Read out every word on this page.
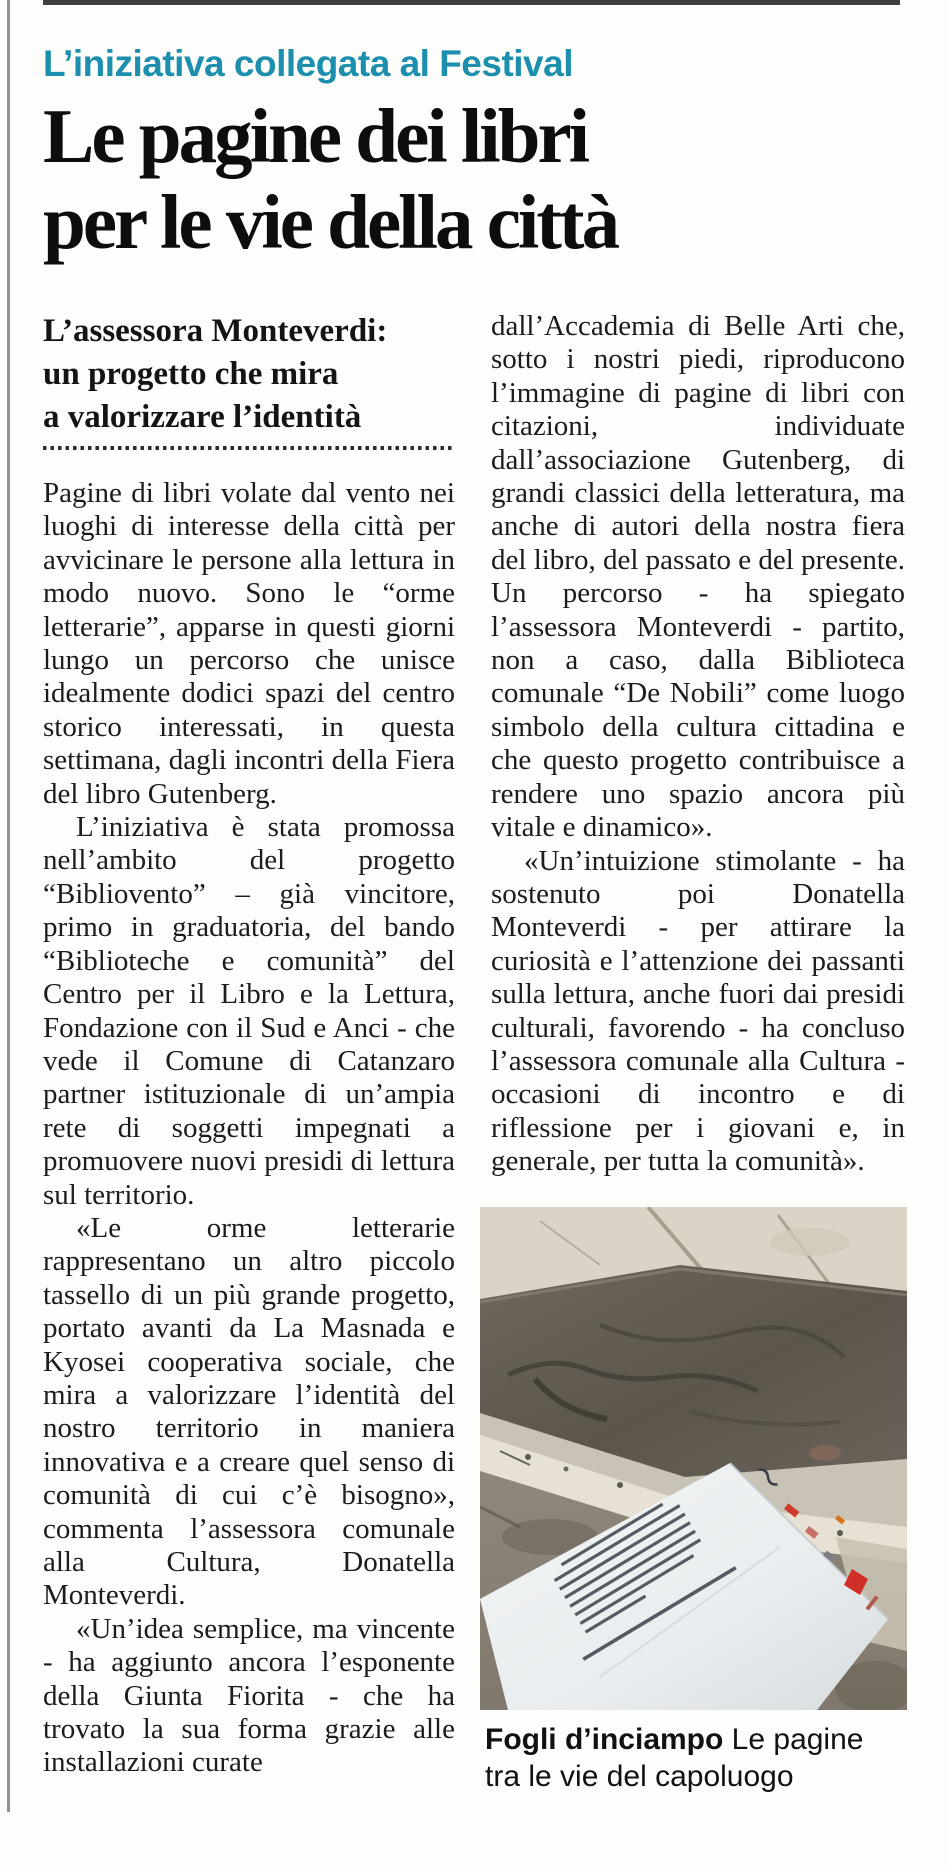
L’iniziativa collegata al Festival
Le pagine dei libri
per le vie della città
L’assessora Monteverdi:
un progetto che mira
a valorizzare l’identità

Pagine di libri volate dal vento nei luoghi di interesse della città per avvicinare le persone alla lettura in modo nuovo. Sono le “orme letterarie”, apparse in questi giorni lungo un percorso che unisce idealmente dodici spazi del centro storico interessati, in questa settimana, dagli incontri della Fiera del libro Gutenberg.

L’iniziativa è stata promossa nell’ambito del progetto “Bibliovento” – già vincitore, primo in graduatoria, del bando “Biblioteche e comunità” del Centro per il Libro e la Lettura, Fondazione con il Sud e Anci - che vede il Comune di Catanzaro partner istituzionale di un’ampia rete di soggetti impegnati a promuovere nuovi presidi di lettura sul territorio.

«Le orme letterarie rappresentano un altro piccolo tassello di un più grande progetto, portato avanti da La Masnada e Kyosei cooperativa sociale, che mira a valorizzare l’identità del nostro territorio in maniera innovativa e a creare quel senso di comunità di cui c’è bisogno», commenta l’assessora comunale alla Cultura, Donatella Monteverdi.

«Un’idea semplice, ma vincente - ha aggiunto ancora l’esponente della Giunta Fiorita - che ha trovato la sua forma grazie alle installazioni curate

dall’Accademia di Belle Arti che, sotto i nostri piedi, riproducono l’immagine di pagine di libri con citazioni, individuate dall’associazione Gutenberg, di grandi classici della letteratura, ma anche di autori della nostra fiera del libro, del passato e del presente. Un percorso - ha spiegato l’assessora Monteverdi - partito, non a caso, dalla Biblioteca comunale “De Nobili” come luogo simbolo della cultura cittadina e che questo progetto contribuisce a rendere uno spazio ancora più vitale e dinamico».

«Un’intuizione stimolante - ha sostenuto poi Donatella Monteverdi - per attirare la curiosità e l’attenzione dei passanti sulla lettura, anche fuori dai presidi culturali, favorendo - ha concluso l’assessora comunale alla Cultura - occasioni di incontro e di riflessione per i giovani e, in generale, per tutta la comunità».

Fogli d’inciampo Le pagine tra le vie del capoluogo
